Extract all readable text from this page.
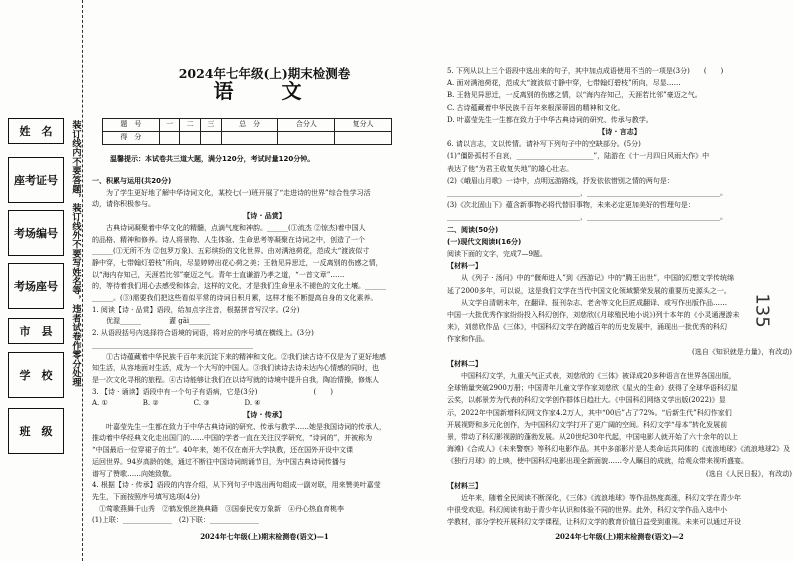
姓　名
座考证号
考场编号
考场座号
市　县
学　校
班　级
装订线内不要答题，装订线外不要写姓名等，违者试卷作零分处理
2024年七年级(上)期末检测卷
语　文
题　号	一	二	三	总　分	合分人	复分人
得　分						
温馨提示：本试卷共三道大题，满分120分，考试时量120分钟。
一、积累与运用(共20分)
　　为了学生更好地了解中华诗词文化，某校七(一)班开展了“走进诗的世界”综合性学习活
动，请你积极参与。
【诗 · 品赏】
　　古典诗词凝聚着中华文化的精髓，点滴气度和神韵。______(①流杰 ②惊杰)着中国人
的品格、精神和修养。诗人将景物、人生体验、生命思考等凝聚在诗词之中，创造了一个
______(①无所不为 ②包罗万象)、五彩缤纷的文化世界。由对满池荷花，范成大“渡波似寸
静中穿，七带翰灯碧枝”所向，尽显婷婷出花心荷之美；王勃见异思迁，一反离别的伤感之情，
以“海内存知己，天涯若比邻”豪迈之气。青年士直谦游乃孝之道，“一首文章”……
的，等待着我们用心去感受和体会，这样的文化，才是我们生命里永不褪色的文化土壤。______
______。(③)需要我们把这些看似平常的诗词日积月累，这样才能不断提高自身的文化素养。
1. 阅读【诗 · 品赏】语段，给加点字注音，根据拼音写汉字。(2分)
　　优渥______　　　　灌 gāi______
2. 从语段括号内选择符合语境的词语，将对应的序号填在横线上。(3分)
______________________________________________
　　①古诗蕴藏着中华民族千百年来沉淀下来的精神和文化。②我们读古诗不仅是为了更好地感
知生活，从容地面对生活，成为一个大写的中国人。③我们读诗去诗未达内心情感的同时，也
是一次文化寻根的旅程。④古诗能够让我们在以诗写就的诗境中提升自我，陶冶情操，修炼人
3. 【诗 · 诵读】语段中有一个句子有语病，它是(3分)　　　　　　　　(　　)
A. ①　　　　　B. ②　　　　　C. ③　　　　　D. ④
【诗 · 传承】
　　叶嘉莹先生一生都在致力于中华古典诗词的研究、传承与教学……她是我国诗词的传承人，
推动着中华经典文化走出国门的……中国的学者一直在关注汉学研究，“诗词的”，并被称为
“中国最后一位穿裙子的士”。40年来，她不仅在南开大学执教，还在国外开设中文课
运回世界。94岁高龄的她，通过不断往中国诗词朗诵节目，为中国古典诗词传播与
谱写了赞歌……向她致敬。
4. 根据【诗 · 传承】语段的内容介绍，从下列句子中选出两句组成一副对联，用来赞美叶嘉莹
先生，下面按照序号填写选项(4分)
　①莺歌燕舞千山秀　②鹤发银丝换典籍　③国泰民安万象新　④丹心热血育桃李
(1)上联：______________　(2)下联：______________
2024年七年级(上)期末检测卷(语文)—1
5. 下列从以上三个语段中选出来的句子，其中加点成语使用不当的一项是(3分)　　(　　)
A. 面对满池荷花，范成大“渡波似寸静中穿，七带翰灯碧枝”所向，尽显……
B. 王勃见异思迁，一反离别的伤感之情，以“海内存知己，天涯若比邻”豪迈之气。
C. 古诗蕴藏着中华民族千百年来根深蒂固的精神和文化。
D. 叶嘉莹先生一生都在致力于中华古典诗词的研究、传承与教学。
【诗 · 言志】
6. 请以言志，文以传情。请补写下列句子中的空缺部分。(5分)
(1)“僵卧孤村不自哀，______________________”，陆游在《十一月四日风雨大作》中
表达了他“为君王收复失地”的雄心壮志。
(2)《峨眉山月歌》一诗中，点明远游路线，抒发依依惜别之情的两句是：
______________________________________，______________________________________。
(3)《次北固山下》蕴含新事物必将代替旧事物，未来必定更加美好的哲理句是：
______________________________________，______________________________________。
二、阅读(50分)
(一)现代文阅读Ⅰ(16分)
阅读下面的文字，完成7—9题。
【材料一】
　　从《列子 · 汤问》中的“偃师进人”到《西游记》中的“腾王出世”，中国的幻想文学传统绵
延了2000多年，可以说，这是我们文学在当代中国文化领域繁荣发展的重要历史源头之一。
　　从文学自清朝末年，在翻译、报刊杂志、老舍等文化巨匠成翻译、或写作出版作品……
中国一大批优秀作家纷纷投入科幻创作，刘慈欣(《月球殖民地小说》)列十本年的《小灵通漫游未
来》，刘慈欣作品《三体》，中国科幻文学在跨越百年的历史发展中，涌现出一批优秀的科幻
作家和作品。
(选自《知识就是力量》，有改动)
【材料二】
　　中国科幻文学，九重天气正式表，刘慈欣的《三体》被译成20多种语言在世界各国出版，
全球销量突破2900万册；中国青年儿童文学作家刘慈欣《星火的生命》获得了全球华语科幻星
云奖，以郝景芳为代表的科幻文学创作群体日趋壮大。《中国科幻网络文学出版(2022)》显
示，2022年中国新增科幻网文作家4.2万人，其中“00后”占了72%。“后新生代”科幻作家们
开展视野和多元化创作，为中国科幻文学打开了更广阔的空间。科幻文学“母本”转化发展前
景，带动了科幻影视剧的蓬勃发展。从20世纪30年代起，中国电影人就开始了六十余年的以上
海滩)《合成人》《未来警察》等科幻电影作品。其中多部影片是人类命运共同体的《流浪地球》《流浪地球2》及
《独行月球》的上映，使中国科幻电影出现全新面貌……令人瞩目的成就，给观众带来视听盛宴。
(选自《人民日报》，有改动)
【材料三】
　　近年来，随着全民阅读不断深化，《三体》《流浪地球》等作品热度高涨，科幻文学在青少年
中很受欢迎。科幻阅读有助于青少年认识和体验不同的世界。此外，科幻文学作品入选中小
学教材，部分学校开展科幻文学课程，让科幻文学的教育价值日益受到重视。未来可以通过开设
2024年七年级(上)期末检测卷(语文)—2
135
